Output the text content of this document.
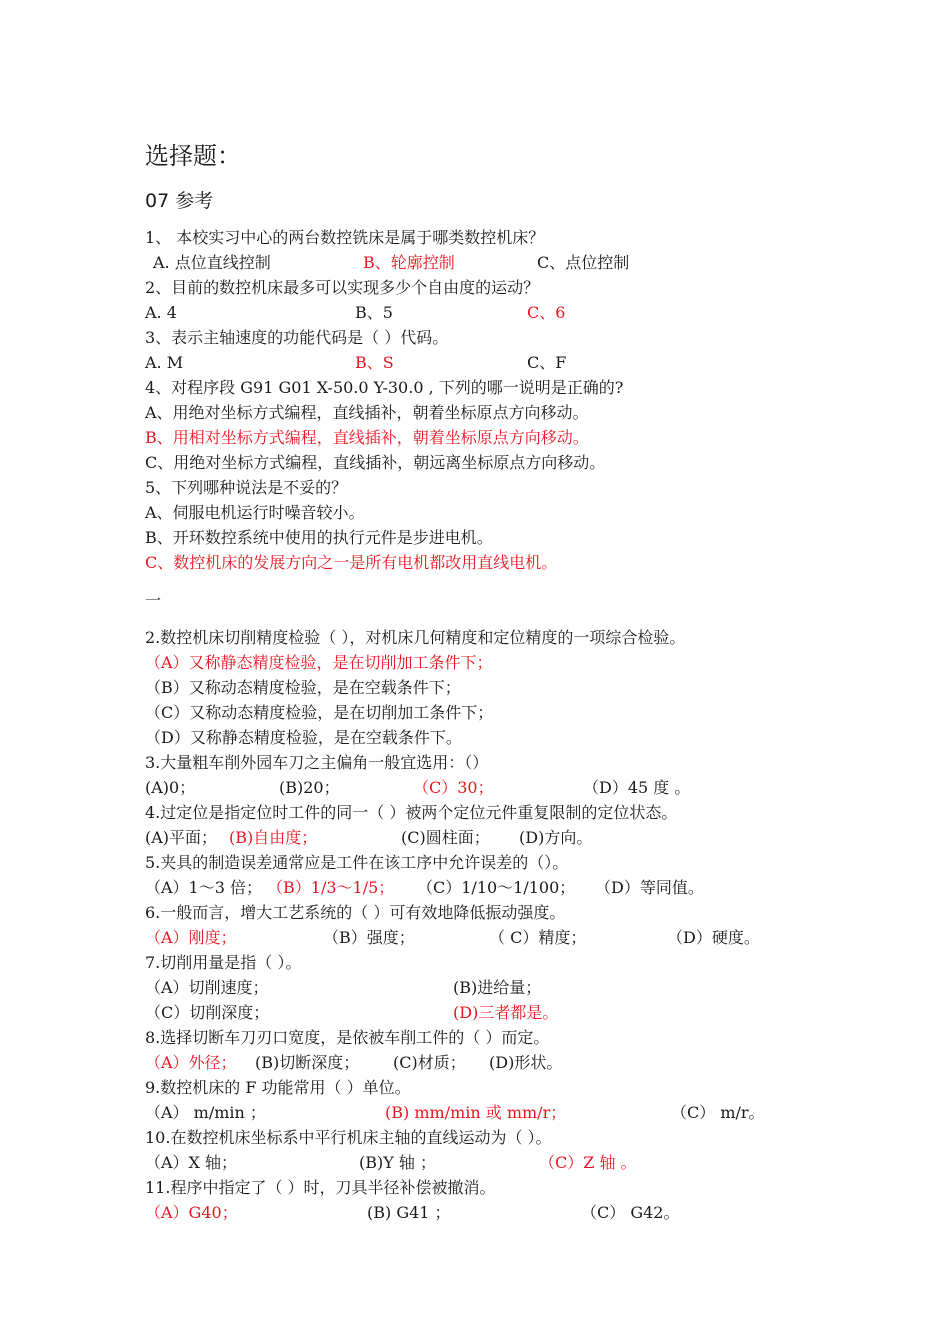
选择题：
07 参考
1、 本校实习中心的两台数控铣床是属于哪类数控机床？
A. 点位直线控制	B、轮廓控制	C、点位控制
2、目前的数控机床最多可以实现多少个自由度的运动？
A. 4	B、5	C、6
3、表示主轴速度的功能代码是（ ）代码。
A. M	B、S	C、F
4、对程序段 G91 G01 X-50.0 Y-30.0 , 下列的哪一说明是正确的?
A、用绝对坐标方式编程，直线插补，朝着坐标原点方向移动。
B、用相对坐标方式编程，直线插补，朝着坐标原点方向移动。
C、用绝对坐标方式编程，直线插补，朝远离坐标原点方向移动。
5、下列哪种说法是不妥的？
A、伺服电机运行时噪音较小。
B、开环数控系统中使用的执行元件是步进电机。
C、数控机床的发展方向之一是所有电机都改用直线电机。
一
2.数控机床切削精度检验（ ），对机床几何精度和定位精度的一项综合检验。
（A）又称静态精度检验，是在切削加工条件下；
（B）又称动态精度检验，是在空载条件下；
（C）又称动态精度检验，是在切削加工条件下；
（D）又称静态精度检验，是在空载条件下。
3.大量粗车削外园车刀之主偏角一般宜选用：（）
(A)0；	(B)20；	（C）30；	（D）45 度 。
4.过定位是指定位时工件的同一（ ）被两个定位元件重复限制的定位状态。
(A)平面； (B)自由度；	(C)圆柱面； (D)方向。
5.夹具的制造误差通常应是工件在该工序中允许误差的（）。
（A）1～3 倍； （B）1/3～1/5； （C）1/10～1/100； （D）等同值。
6.一般而言，增大工艺系统的（ ）可有效地降低振动强度。
（A）刚度；	（B）强度；	（ C）精度；	（D）硬度。
7.切削用量是指（ ）。
（A）切削速度；	(B)进给量；
（C）切削深度；	(D)三者都是。
8.选择切断车刀刃口宽度，是依被车削工件的（ ）而定。
（A）外径； (B)切断深度； (C)材质； (D)形状。
9.数控机床的 F 功能常用（ ）单位。
（A） m/min ；	(B) mm/min 或 mm/r；	（C） m/r。
10.在数控机床坐标系中平行机床主轴的直线运动为（ ）。
（A）X 轴；	(B)Y 轴 ；	（C）Z 轴 。
11.程序中指定了（ ）时，刀具半径补偿被撤消。
（A）G40；	(B) G41 ；	（C） G42。
